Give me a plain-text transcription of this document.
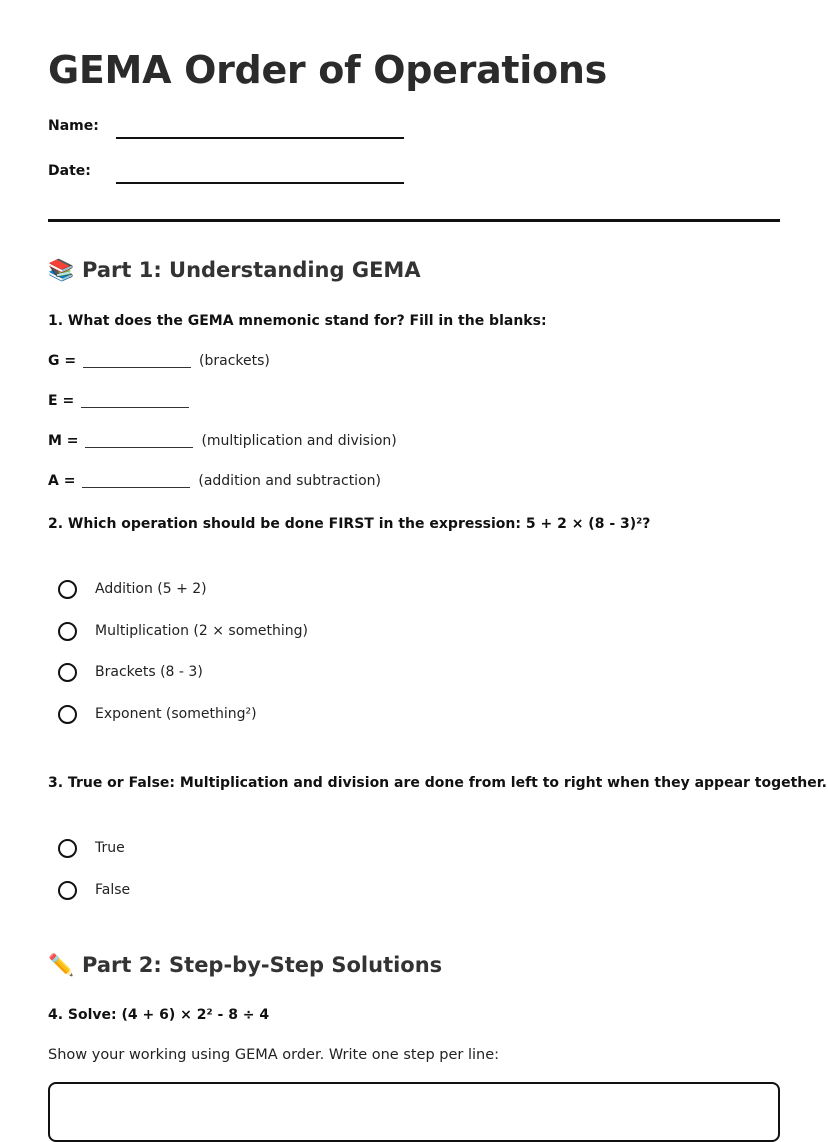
GEMA Order of Operations
Name:
Date:
📚 Part 1: Understanding GEMA
1. What does the GEMA mnemonic stand for? Fill in the blanks:
G =	(brackets)
E =
M =	(multiplication and division)
A =	(addition and subtraction)
2. Which operation should be done FIRST in the expression: 5 + 2 × (8 - 3)²?
Addition (5 + 2)
Multiplication (2 × something)
Brackets (8 - 3)
Exponent (something²)
3. True or False: Multiplication and division are done from left to right when they appear together.
True
False
✏️ Part 2: Step-by-Step Solutions
4. Solve: (4 + 6) × 2² - 8 ÷ 4
Show your working using GEMA order. Write one step per line:
